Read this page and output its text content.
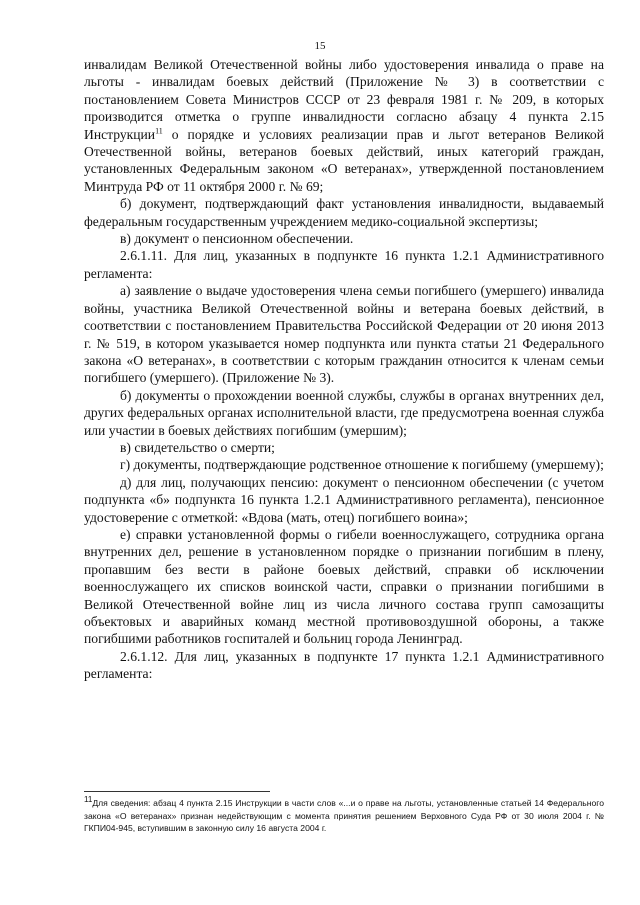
15

инвалидам Великой Отечественной войны либо удостоверения инвалида о праве на льготы - инвалидам боевых действий (Приложение № 3) в соответствии с постановлением Совета Министров СССР от 23 февраля 1981 г. № 209, в которых производится отметка о группе инвалидности согласно абзацу 4 пункта 2.15 Инструкции$^{11}$ о порядке и условиях реализации прав и льгот ветеранов Великой Отечественной войны, ветеранов боевых действий, иных категорий граждан, установленных Федеральным законом «О ветеранах», утвержденной постановлением Минтруда РФ от 11 октября 2000 г. № 69;

б) документ, подтверждающий факт установления инвалидности, выдаваемый федеральным государственным учреждением медико-социальной экспертизы;

в) документ о пенсионном обеспечении.

2.6.1.11. Для лиц, указанных в подпункте 16 пункта 1.2.1 Административного регламента:

а) заявление о выдаче удостоверения члена семьи погибшего (умершего) инвалида войны, участника Великой Отечественной войны и ветерана боевых действий, в соответствии с постановлением Правительства Российской Федерации от 20 июня 2013 г. № 519, в котором указывается номер подпункта или пункта статьи 21 Федерального закона «О ветеранах», в соответствии с которым гражданин относится к членам семьи погибшего (умершего). (Приложение № 3).

б) документы о прохождении военной службы, службы в органах внутренних дел, других федеральных органах исполнительной власти, где предусмотрена военная служба или участии в боевых действиях погибшим (умершим);

в) свидетельство о смерти;

г) документы, подтверждающие родственное отношение к погибшему (умершему);

д) для лиц, получающих пенсию: документ о пенсионном обеспечении (с учетом подпункта «б» подпункта 16 пункта 1.2.1 Административного регламента), пенсионное удостоверение с отметкой: «Вдова (мать, отец) погибшего воина»;

е) справки установленной формы о гибели военнослужащего, сотрудника органа внутренних дел, решение в установленном порядке о признании погибшим в плену, пропавшим без вести в районе боевых действий, справки об исключении военнослужащего их списков воинской части, справки о признании погибшими в Великой Отечественной войне лиц из числа личного состава групп самозащиты объектовых и аварийных команд местной противовоздушной обороны, а также погибшими работников госпиталей и больниц города Ленинград.

2.6.1.12. Для лиц, указанных в подпункте 17 пункта 1.2.1 Административного регламента:

$^{11}$Для сведения: абзац 4 пункта 2.15 Инструкции в части слов «...и о праве на льготы, установленные статьей 14 Федерального закона «О ветеранах» признан недействующим с момента принятия решением Верховного Суда РФ от 30 июля 2004 г. № ГКПИ04-945, вступившим в законную силу 16 августа 2004 г.
